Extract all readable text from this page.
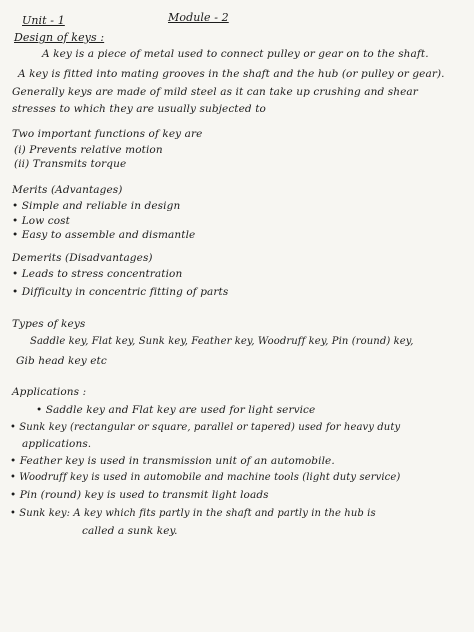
Unit - 1	Module - 2
Design of keys :
A key is a piece of metal used to connect pulley or gear on to the shaft.
A key is fitted into mating grooves in the shaft and the hub (or pulley or gear).
Generally keys are made of mild steel as it can take up crushing and shear
stresses to which they are usually subjected to
Two important functions of key are
(i) Prevents relative motion
(ii) Transmits torque
Merits (Advantages)
• Simple and reliable in design
• Low cost
• Easy to assemble and dismantle
Demerits (Disadvantages)
• Leads to stress concentration
• Difficulty in concentric fitting of parts
Types of keys
Saddle key, Flat key, Sunk key, Feather key, Woodruff key, Pin (round) key,
Gib head key etc
Applications :
• Saddle key and Flat key are used for light service
• Sunk key (rectangular or square, parallel or tapered) used for heavy duty
applications.
• Feather key is used in transmission unit of an automobile.
• Woodruff key is used in automobile and machine tools (light duty service)
• Pin (round) key is used to transmit light loads
• Sunk key: A key which fits partly in the shaft and partly in the hub is
called a sunk key.
